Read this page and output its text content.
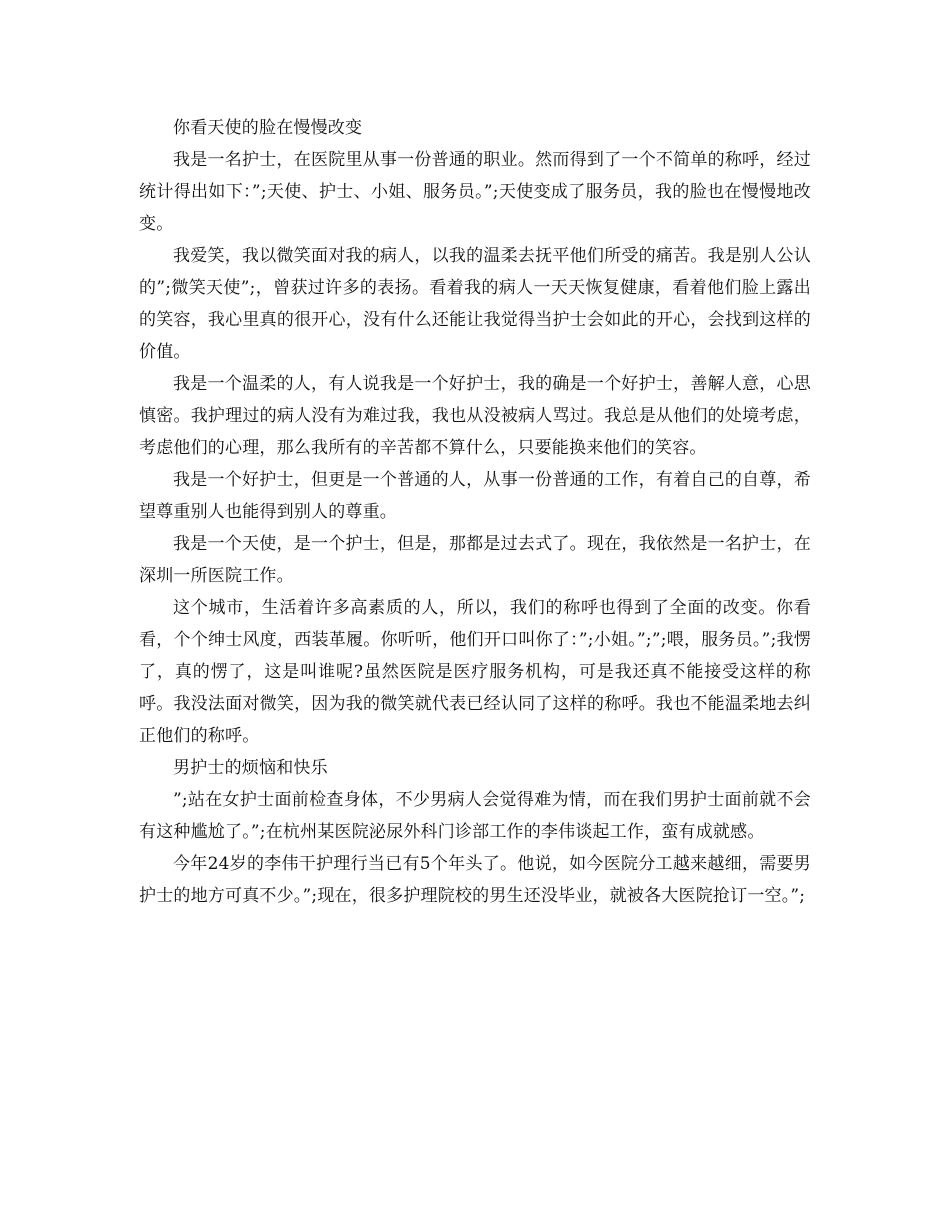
你看天使的脸在慢慢改变

我是一名护士，在医院里从事一份普通的职业。然而得到了一个不简单的称呼，经过统计得出如下：”;天使、护士、小姐、服务员。”;天使变成了服务员，我的脸也在慢慢地改变。

我爱笑，我以微笑面对我的病人，以我的温柔去抚平他们所受的痛苦。我是别人公认的”;微笑天使”;，曾获过许多的表扬。看着我的病人一天天恢复健康，看着他们脸上露出的笑容，我心里真的很开心，没有什么还能让我觉得当护士会如此的开心，会找到这样的价值。

我是一个温柔的人，有人说我是一个好护士，我的确是一个好护士，善解人意，心思慎密。我护理过的病人没有为难过我，我也从没被病人骂过。我总是从他们的处境考虑，考虑他们的心理，那么我所有的辛苦都不算什么，只要能换来他们的笑容。

我是一个好护士，但更是一个普通的人，从事一份普通的工作，有着自己的自尊，希望尊重别人也能得到别人的尊重。

我是一个天使，是一个护士，但是，那都是过去式了。现在，我依然是一名护士，在深圳一所医院工作。

这个城市，生活着许多高素质的人，所以，我们的称呼也得到了全面的改变。你看看，个个绅士风度，西装革履。你听听，他们开口叫你了：”;小姐。”;”;喂，服务员。”;我愣了，真的愣了，这是叫谁呢?虽然医院是医疗服务机构，可是我还真不能接受这样的称呼。我没法面对微笑，因为我的微笑就代表已经认同了这样的称呼。我也不能温柔地去纠正他们的称呼。

男护士的烦恼和快乐

”;站在女护士面前检查身体，不少男病人会觉得难为情，而在我们男护士面前就不会有这种尴尬了。”;在杭州某医院泌尿外科门诊部工作的李伟谈起工作，蛮有成就感。

今年24岁的李伟干护理行当已有5个年头了。他说，如今医院分工越来越细，需要男护士的地方可真不少。”;现在，很多护理院校的男生还没毕业，就被各大医院抢订一空。”;
